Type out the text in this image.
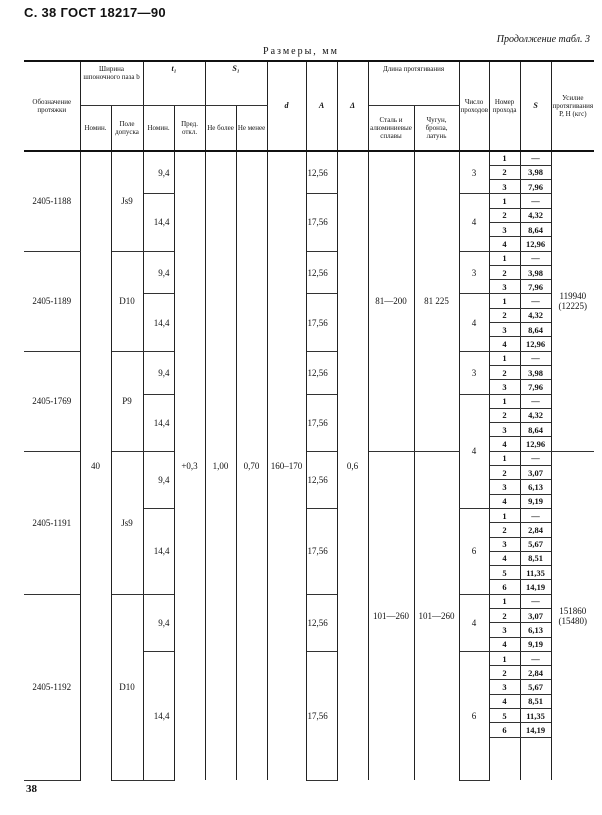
С. 38 ГОСТ 18217—90
Продолжение табл. 3
Размеры, мм
Обозначение протяжки	Ширина шпоночного паза b		t₁		S₁		d	A	Δ	Длина протягивания		Число проходов	Номер прохода	S	Усилие протягивания P, Н (кгс)
	Номин.	Поле допуска	Номин.	Пред. откл.	Не более	Не менее				Сталь и алюминиевые сплавы	Чугун, бронза, латунь				
2405-1188	40	Js9	9,4	+0,3	1,00	0,70	160–170	12,56	0,6	81—200	81 225	3	1	—	119940
(12225)
													2	3,98	
													3	7,96	
			14,4					17,56				4	1	—	
													2	4,32	
													3	8,64	
													4	12,96	
2405-1189		D10	9,4					12,56				3	1	—	
													2	3,98	
													3	7,96	
			14,4					17,56				4	1	—	
													2	4,32	
													3	8,64	
													4	12,96	
2405-1769		P9	9,4					12,56				3	1	—	
													2	3,98	
													3	7,96	
			14,4					17,56				4	1	—	
													2	4,32	
													3	8,64	
													4	12,96	
2405-1191		Js9	9,4					12,56		101—260	101—260		1	—	151860
(15480)
													2	3,07	
													3	6,13	
													4	9,19	
			14,4					17,56				6	1	—	
													2	2,84	
													3	5,67	
													4	8,51	
													5	11,35	
													6	14,19	
2405-1192		D10	9,4					12,56				4	1	—	
													2	3,07	
													3	6,13	
													4	9,19	
			14,4					17,56				6	1	—	
													2	2,84	
													3	5,67	
													4	8,51	
													5	11,35	
													6	14,19	

38
